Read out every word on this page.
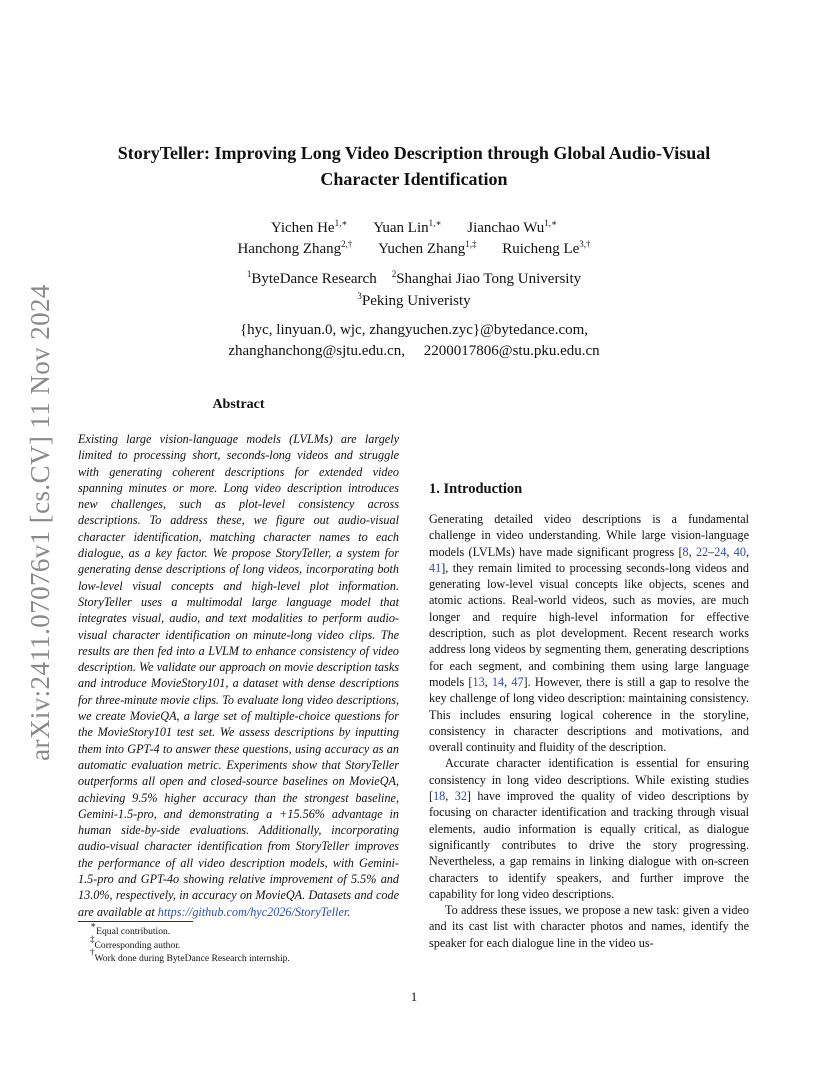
arXiv:2411.07076v1 [cs.CV] 11 Nov 2024
StoryTeller: Improving Long Video Description through Global Audio-Visual Character Identification
Yichen $He^{1,∗}$ Yuan Lin$^{1,∗}$ Jianchao $Wu^{1,∗}$
Hanchong Zhang$^{2,\dagger}$ Yuchen Zhang$^{1,\ddagger}$ Ruicheng $Le^{3,\dagger}$
$^1$ByteDance Research $^2$Shanghai Jiao Tong University
$^3$Peking Univeristy
{hyc, linyuan.0, wjc, zhangyuchen.zyc}@bytedance.com,
zhanghanchong@sjtu.edu.cn, 2200017806@stu.pku.edu.cn
Abstract
Existing large vision-language models (LVLMs) are largely limited to processing short, seconds-long videos and struggle with generating coherent descriptions for extended video spanning minutes or more. Long video description introduces new challenges, such as plot-level consistency across descriptions. To address these, we figure out audio-visual character identification, matching character names to each dialogue, as a key factor. We propose StoryTeller, a system for generating dense descriptions of long videos, incorporating both low-level visual concepts and high-level plot information. StoryTeller uses a multimodal large language model that integrates visual, audio, and text modalities to perform audio-visual character identification on minute-long video clips. The results are then fed into a LVLM to enhance consistency of video description. We validate our approach on movie description tasks and introduce MovieStory101, a dataset with dense descriptions for three-minute movie clips. To evaluate long video descriptions, we create MovieQA, a large set of multiple-choice questions for the MovieStory101 test set. We assess descriptions by inputting them into GPT-4 to answer these questions, using accuracy as an automatic evaluation metric. Experiments show that StoryTeller outperforms all open and closed-source baselines on MovieQA, achieving 9.5% higher accuracy than the strongest baseline, Gemini-1.5-pro, and demonstrating a +15.56% advantage in human side-by-side evaluations. Additionally, incorporating audio-visual character identification from StoryTeller improves the performance of all video description models, with Gemini-1.5-pro and GPT-4o showing relative improvement of 5.5% and 13.0%, respectively, in accuracy on MovieQA. Datasets and code are available at https://github.com/hyc2026/StoryTeller.
1. Introduction

Generating detailed video descriptions is a fundamental challenge in video understanding. While large vision-language models (LVLMs) have made significant progress [8, 22–24, 40, 41], they remain limited to processing seconds-long videos and generating low-level visual concepts like objects, scenes and atomic actions. Real-world videos, such as movies, are much longer and require high-level information for effective description, such as plot development. Recent research works address long videos by segmenting them, generating descriptions for each segment, and combining them using large language models [13, 14, 47]. However, there is still a gap to resolve the key challenge of long video description: maintaining consistency. This includes ensuring logical coherence in the storyline, consistency in character descriptions and motivations, and overall continuity and fluidity of the description.

Accurate character identification is essential for ensuring consistency in long video descriptions. While existing studies [18, 32] have improved the quality of video descriptions by focusing on character identification and tracking through visual elements, audio information is equally critical, as dialogue significantly contributes to drive the story progressing. Nevertheless, a gap remains in linking dialogue with on-screen characters to identify speakers, and further improve the capability for long video descriptions.

To address these issues, we propose a new task: given a video and its cast list with character photos and names, identify the speaker for each dialogue line in the video us-

∗Equal contribution.
‡Corresponding author.
†Work done during ByteDance Research internship.
1
